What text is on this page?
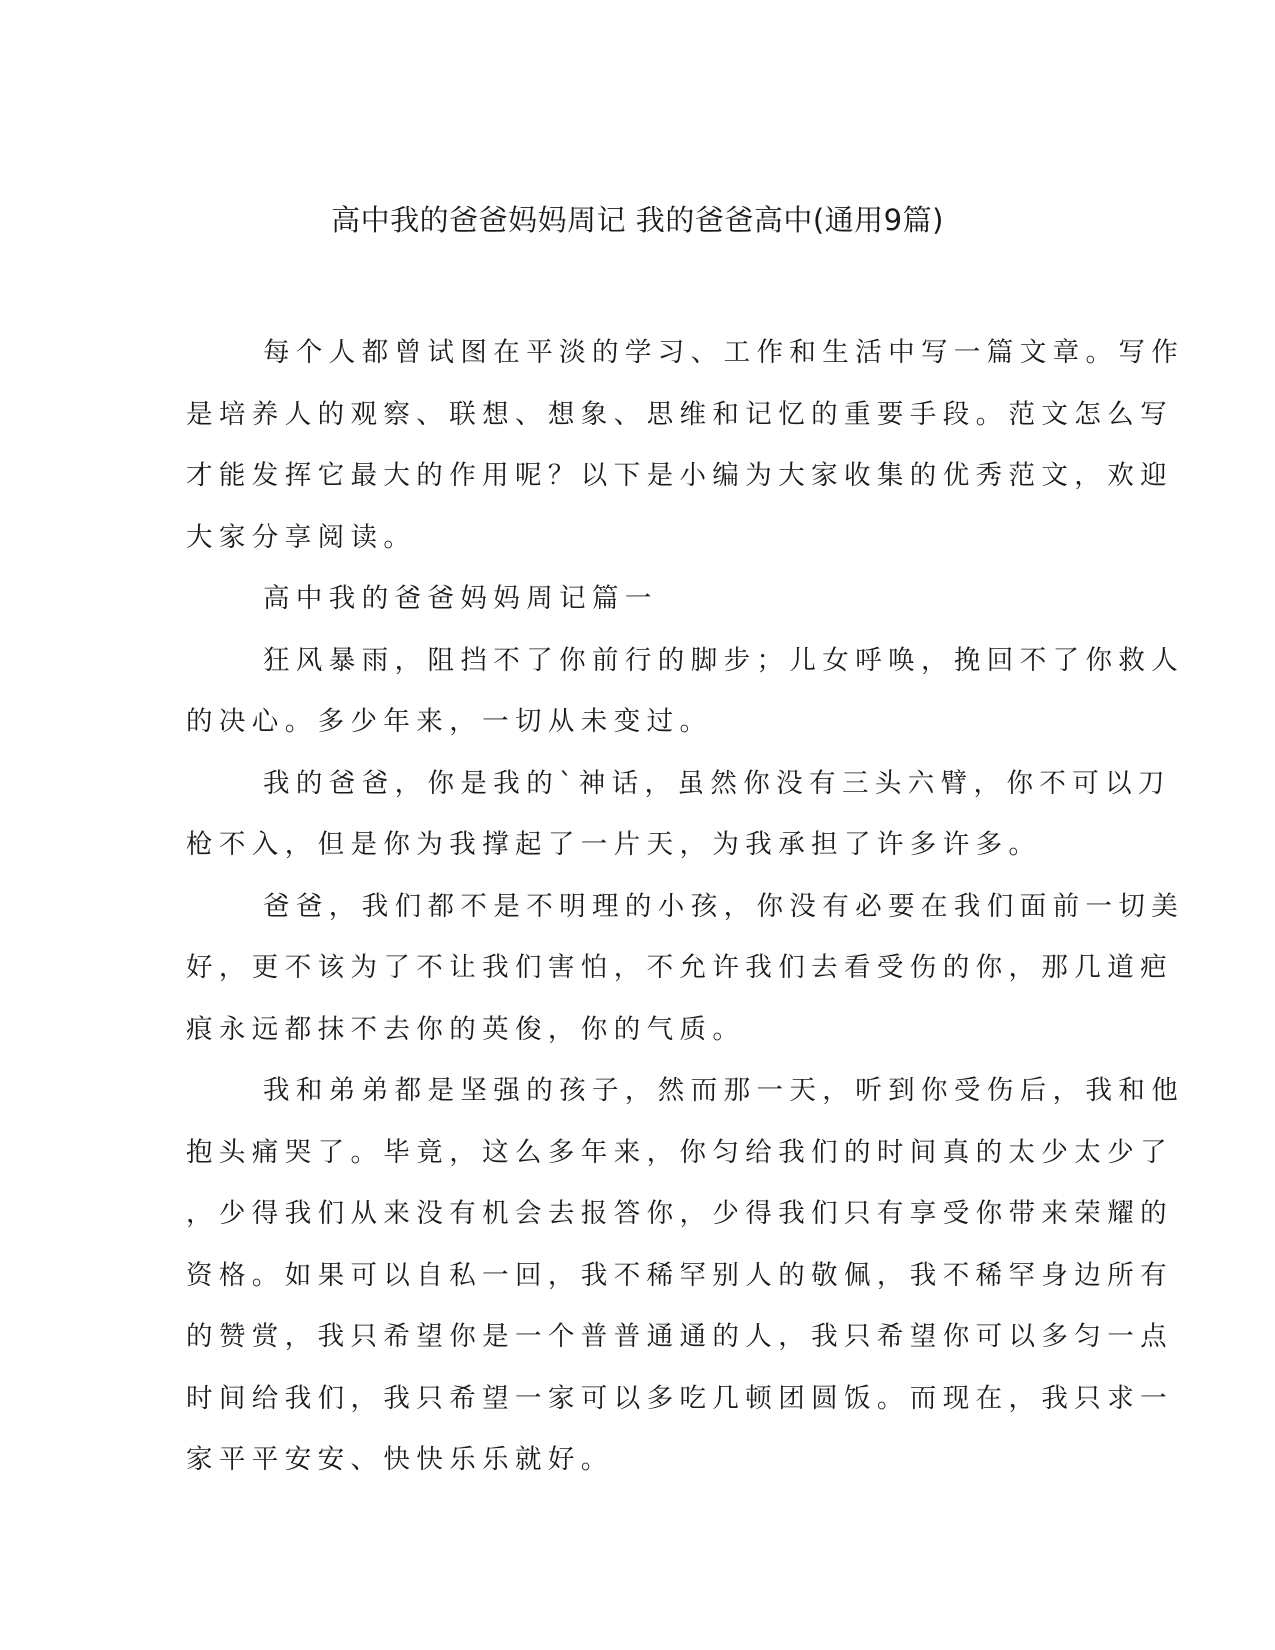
高中我的爸爸妈妈周记 我的爸爸高中(通用9篇)
每个人都曾试图在平淡的学习、工作和生活中写一篇文章。写作
是培养人的观察、联想、想象、思维和记忆的重要手段。范文怎么写
才能发挥它最大的作用呢？以下是小编为大家收集的优秀范文，欢迎
大家分享阅读。
高中我的爸爸妈妈周记篇一
狂风暴雨，阻挡不了你前行的脚步；儿女呼唤，挽回不了你救人
的决心。多少年来，一切从未变过。
我的爸爸，你是我的`神话，虽然你没有三头六臂，你不可以刀
枪不入，但是你为我撑起了一片天，为我承担了许多许多。
爸爸，我们都不是不明理的小孩，你没有必要在我们面前一切美
好，更不该为了不让我们害怕，不允许我们去看受伤的你，那几道疤
痕永远都抹不去你的英俊，你的气质。
我和弟弟都是坚强的孩子，然而那一天，听到你受伤后，我和他
抱头痛哭了。毕竟，这么多年来，你匀给我们的时间真的太少太少了
，少得我们从来没有机会去报答你，少得我们只有享受你带来荣耀的
资格。如果可以自私一回，我不稀罕别人的敬佩，我不稀罕身边所有
的赞赏，我只希望你是一个普普通通的人，我只希望你可以多匀一点
时间给我们，我只希望一家可以多吃几顿团圆饭。而现在，我只求一
家平平安安、快快乐乐就好。
